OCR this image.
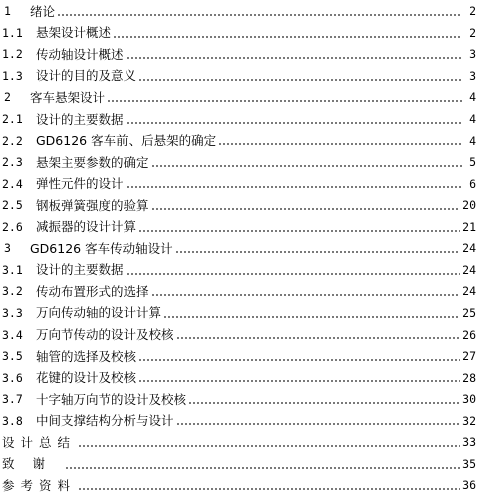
1	绪论	2
1.1	悬架设计概述	2
1.2	传动轴设计概述	3
1.3	设计的目的及意义	3
2	客车悬架设计	4
2.1	设计的主要数据	4
2.2	GD6126 客车前、后悬架的确定	4
2.3	悬架主要参数的确定	5
2.4	弹性元件的设计	6
2.5	钢板弹簧强度的验算	20
2.6	减振器的设计计算	21
3	GD6126 客车传动轴设计	24
3.1	设计的主要数据	24
3.2	传动布置形式的选择	24
3.3	万向传动轴的设计计算	25
3.4	万向节传动的设计及校核	26
3.5	轴管的选择及校核	27
3.6	花键的设计及校核	28
3.7	十字轴万向节的设计及校核	30
3.8	中间支撑结构分析与设计	32
设计总结	33
致谢	35
参考资料	36
